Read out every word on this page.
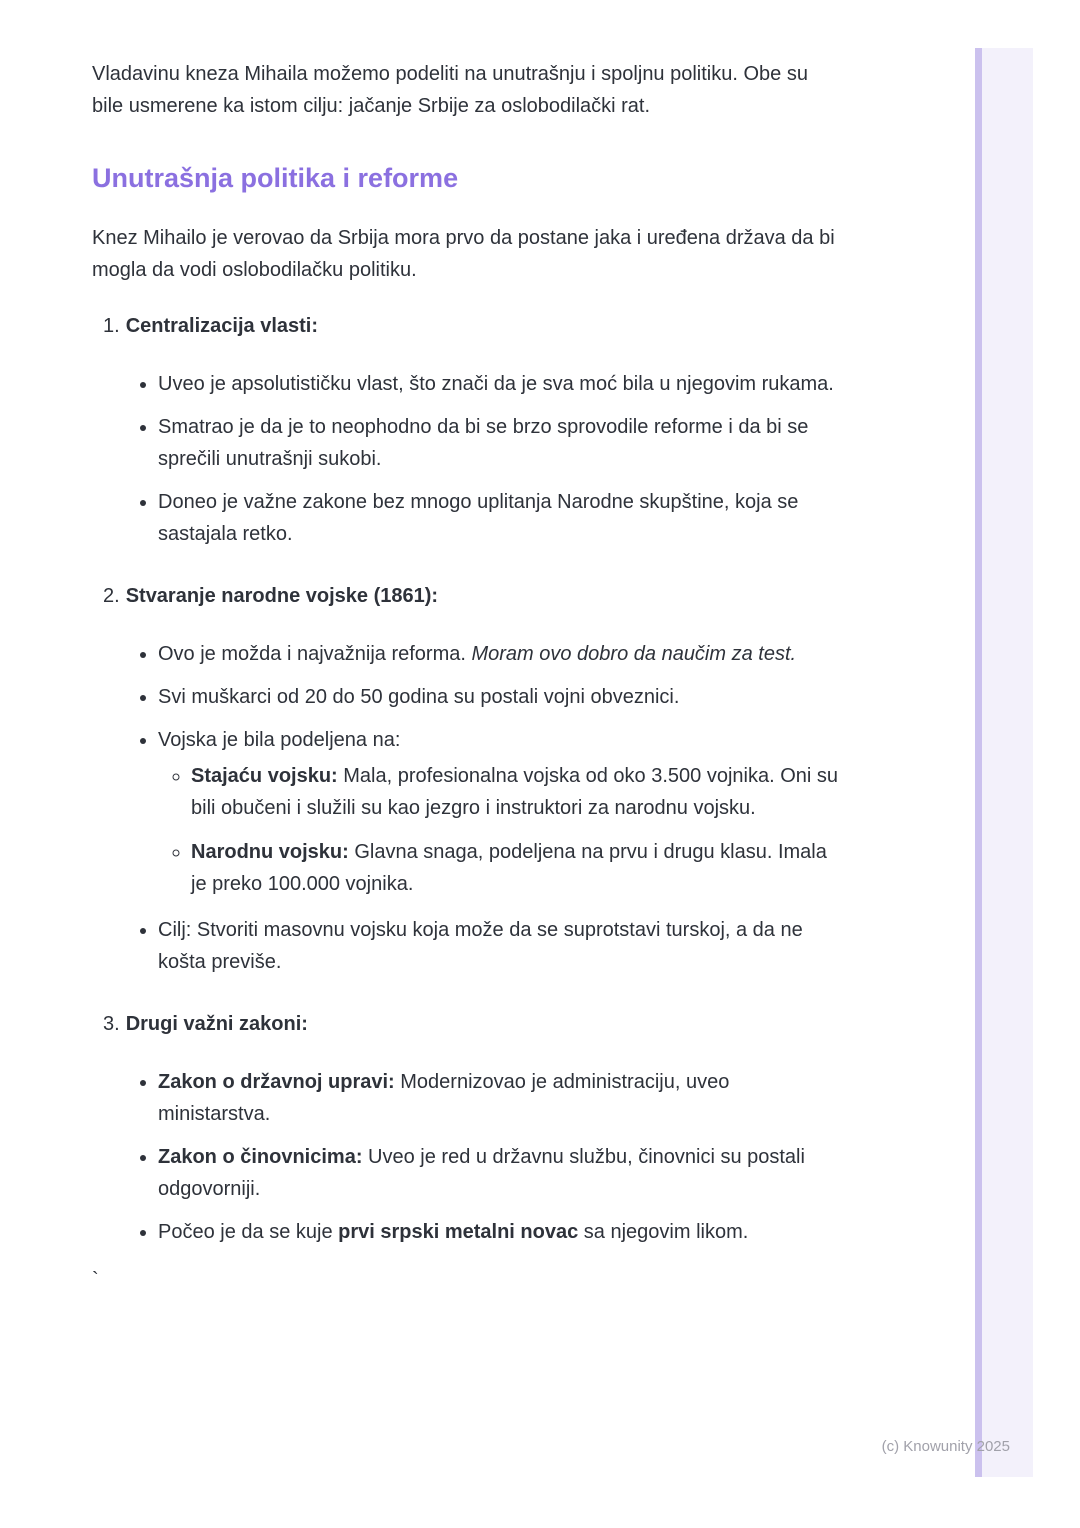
Vladavinu kneza Mihaila možemo podeliti na unutrašnju i spoljnu politiku. Obe su bile usmerene ka istom cilju: jačanje Srbije za oslobodilački rat.

Unutrašnja politika i reforme

Knez Mihailo je verovao da Srbija mora prvo da postane jaka i uređena država da bi mogla da vodi oslobodilačku politiku.

1. Centralizacija vlasti:

• Uveo je apsolutističku vlast, što znači da je sva moć bila u njegovim rukama.
• Smatrao je da je to neophodno da bi se brzo sprovodile reforme i da bi se sprečili unutrašnji sukobi.
• Doneo je važne zakone bez mnogo uplitanja Narodne skupštine, koja se sastajala retko.

2. Stvaranje narodne vojske (1861):

• Ovo je možda i najvažnija reforma. Moram ovo dobro da naučim za test.
• Svi muškarci od 20 do 50 godina su postali vojni obveznici.
• Vojska je bila podeljena na:
◦ Stajaću vojsku: Mala, profesionalna vojska od oko 3.500 vojnika. Oni su bili obučeni i služili su kao jezgro i instruktori za narodnu vojsku.
◦ Narodnu vojsku: Glavna snaga, podeljena na prvu i drugu klasu. Imala je preko 100.000 vojnika.
• Cilj: Stvoriti masovnu vojsku koja može da se suprotstavi turskoj, a da ne košta previše.

3. Drugi važni zakoni:

• Zakon o državnoj upravi: Modernizovao je administraciju, uveo ministarstva.
• Zakon o činovnicima: Uveo je red u državnu službu, činovnici su postali odgovorniji.
• Počeo je da se kuje prvi srpski metalni novac sa njegovim likom.

`

(c) Knowunity 2025
